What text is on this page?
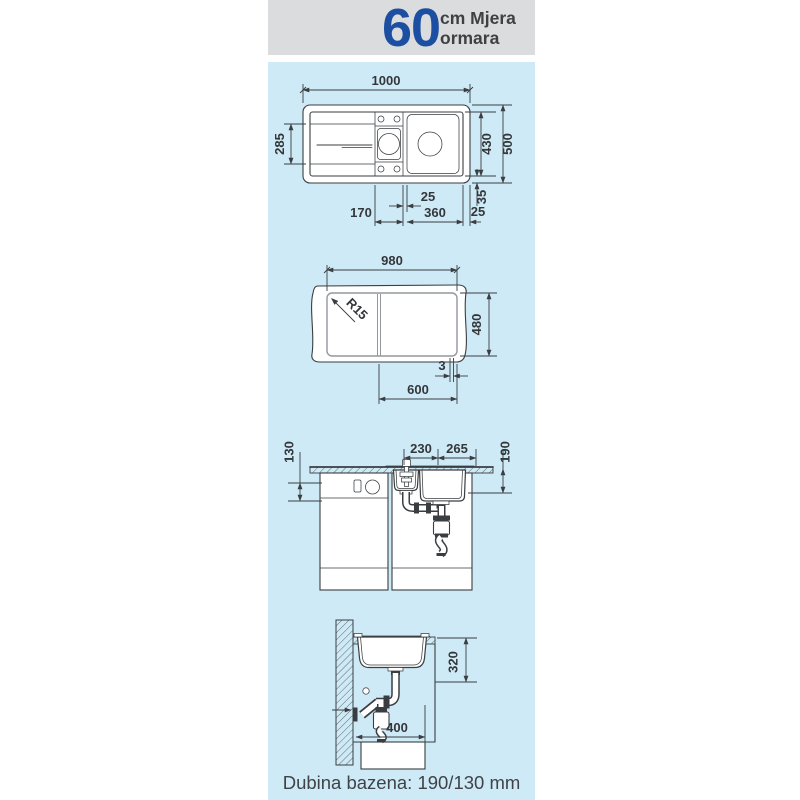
60 cm Mjera
ormara
1000
285	430 500
35
25
170	360 25
R15
980
480
600
3
130	230 265 190
320
400
Dubina bazena: 190/130 mm
